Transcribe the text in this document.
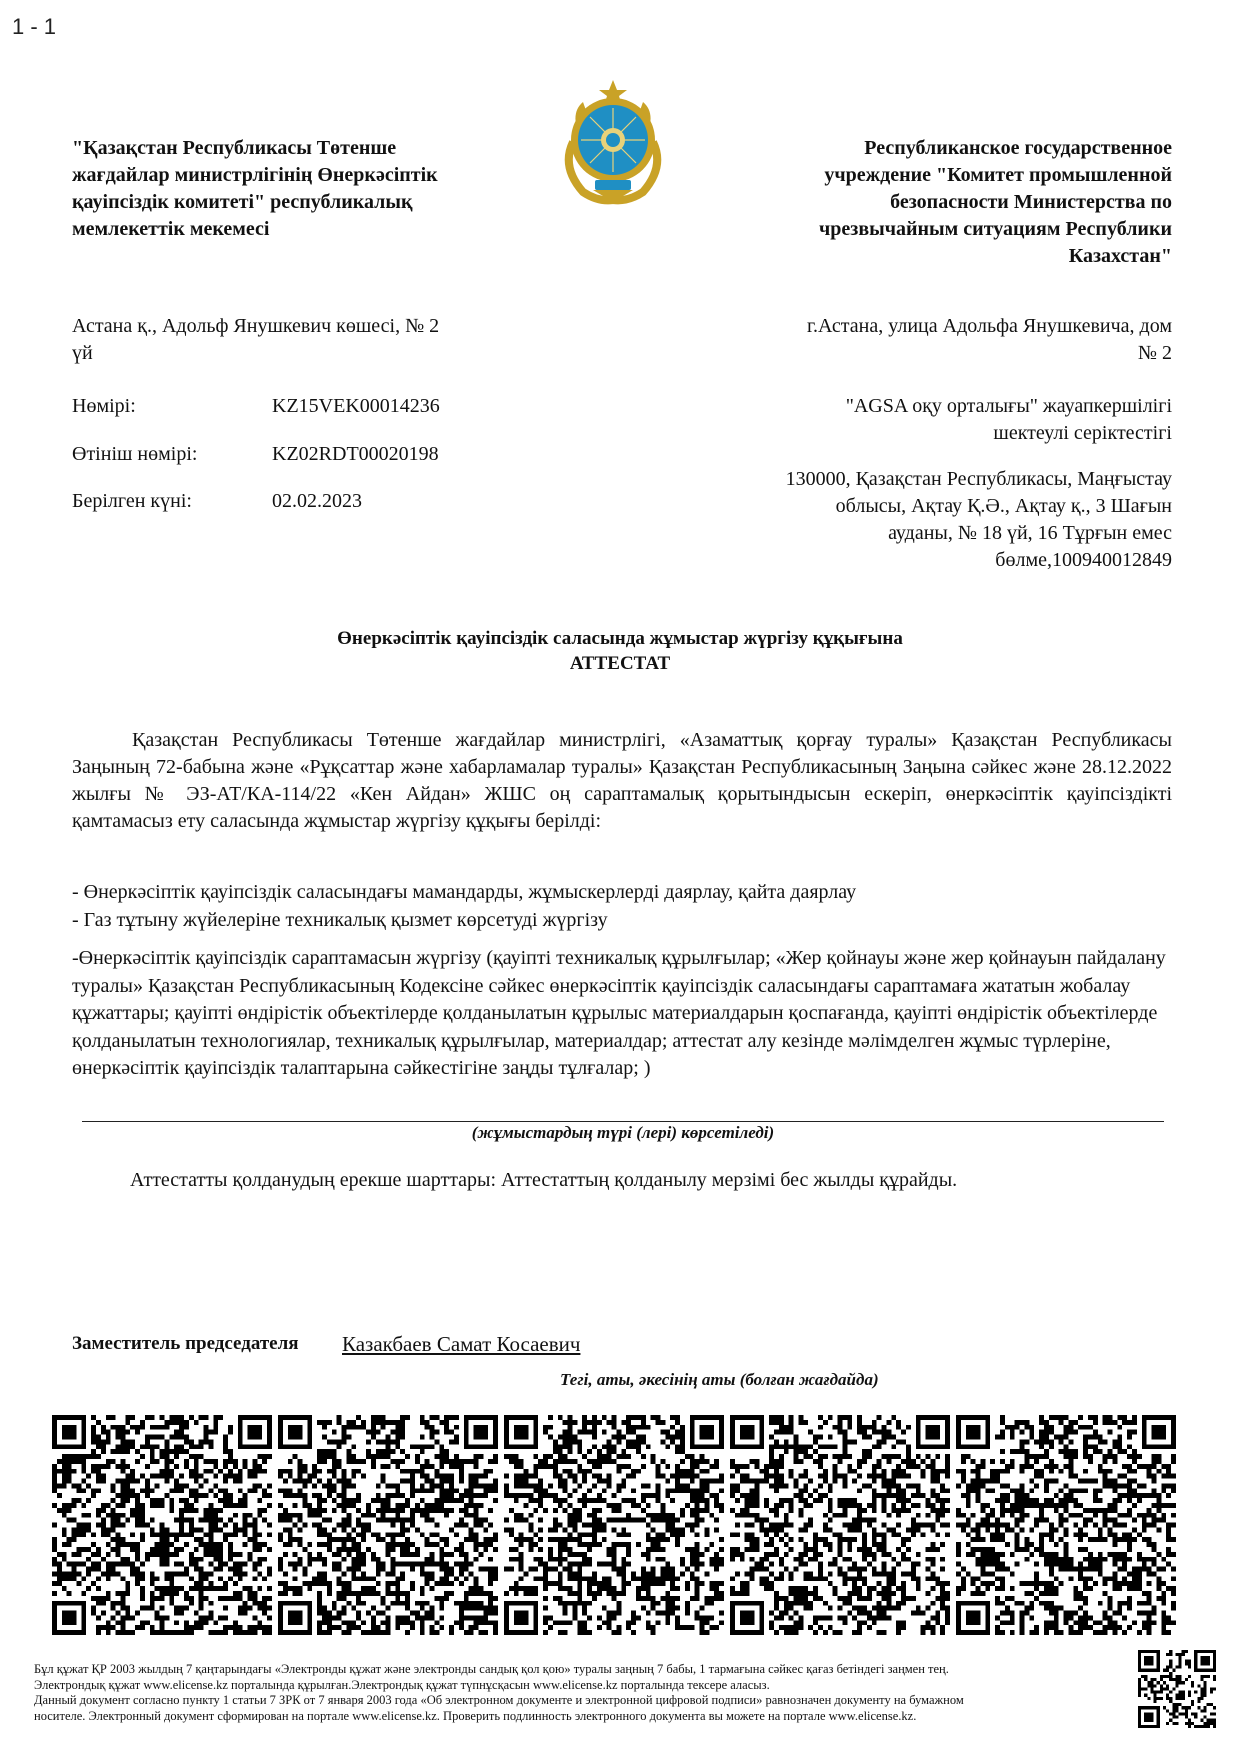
1 - 1
"Қазақстан Республикасы Төтенше
жағдайлар министрлігінің Өнеркәсіптік
қауіпсіздік комитеті" республикалық
мемлекеттік мекемесі
Республиканское государственное
учреждение "Комитет промышленной
безопасности Министерства по
чрезвычайным ситуациям Республики
Казахстан"
Астана қ., Адольф Янушкевич көшесі, № 2
үй
г.Астана, улица Адольфа Янушкевича, дом
№ 2
Нөмірі:	KZ15VEK00014236
Өтініш нөмірі:	KZ02RDT00020198
Берілген күні:	02.02.2023
"AGSA оқу орталығы" жауапкершілігі
шектеулі серіктестігі
130000, Қазақстан Республикасы, Маңғыстау
облысы, Ақтау Қ.Ә., Ақтау қ., 3 Шағын
ауданы, № 18 үй, 16 Тұрғын емес
бөлме,100940012849
Өнеркәсіптік қауіпсіздік саласында жұмыстар жүргізу құқығына
АТТЕСТАТ

Қазақстан Республикасы Төтенше жағдайлар министрлігі, «Азаматтық қорғау туралы» Қазақстан Республикасы Заңының 72-бабына және «Рұқсаттар және хабарламалар туралы» Қазақстан Республикасының Заңына сәйкес және 28.12.2022 жылғы № ЭЗ-АТ/КА-114/22 «Кен Айдан» ЖШС оң сараптамалық қорытындысын ескеріп, өнеркәсіптік қауіпсіздікті қамтамасыз ету саласында жұмыстар жүргізу құқығы берілді:

- Өнеркәсіптік қауіпсіздік саласындағы мамандарды, жұмыскерлерді даярлау, қайта даярлау
- Газ тұтыну жүйелеріне техникалық қызмет көрсетуді жүргізу
-Өнеркәсіптік қауіпсіздік сараптамасын жүргізу (қауіпті техникалық құрылғылар; «Жер қойнауы және жер қойнауын пайдалану туралы» Қазақстан Республикасының Кодексіне сәйкес өнеркәсіптік қауіпсіздік саласындағы сараптамаға жататын жобалау құжаттары; қауіпті өндірістік объектілерде қолданылатын құрылыс материалдарын қоспағанда, қауіпті өндірістік объектілерде қолданылатын технологиялар, техникалық құрылғылар, материалдар; аттестат алу кезінде мәлімделген жұмыс түрлеріне, өнеркәсіптік қауіпсіздік талаптарына сәйкестігіне заңды тұлғалар; )
(жұмыстардың түрі (лері) көрсетіледі)
Аттестатты қолданудың ерекше шарттары: Аттестаттың қолданылу мерзімі бес жылды құрайды.
Заместитель председателя Казакбаев Самат Косаевич
Тегі, аты, әкесінің аты (болған жағдайда)
Бұл құжат ҚР 2003 жылдың 7 қаңтарындағы «Электронды құжат және электронды сандық қол қою» туралы заңның 7 бабы, 1 тармағына сәйкес қағаз бетіндегі заңмен тең.
Электрондық құжат www.elicense.kz порталында құрылған.Электрондық құжат түпнұсқасын www.elicense.kz порталында тексере аласыз.
Данный документ согласно пункту 1 статьи 7 ЗРК от 7 января 2003 года «Об электронном документе и электронной цифровой подписи» равнозначен документу на бумажном
носителе. Электронный документ сформирован на портале www.elicense.kz. Проверить подлинность электронного документа вы можете на портале www.elicense.kz.
